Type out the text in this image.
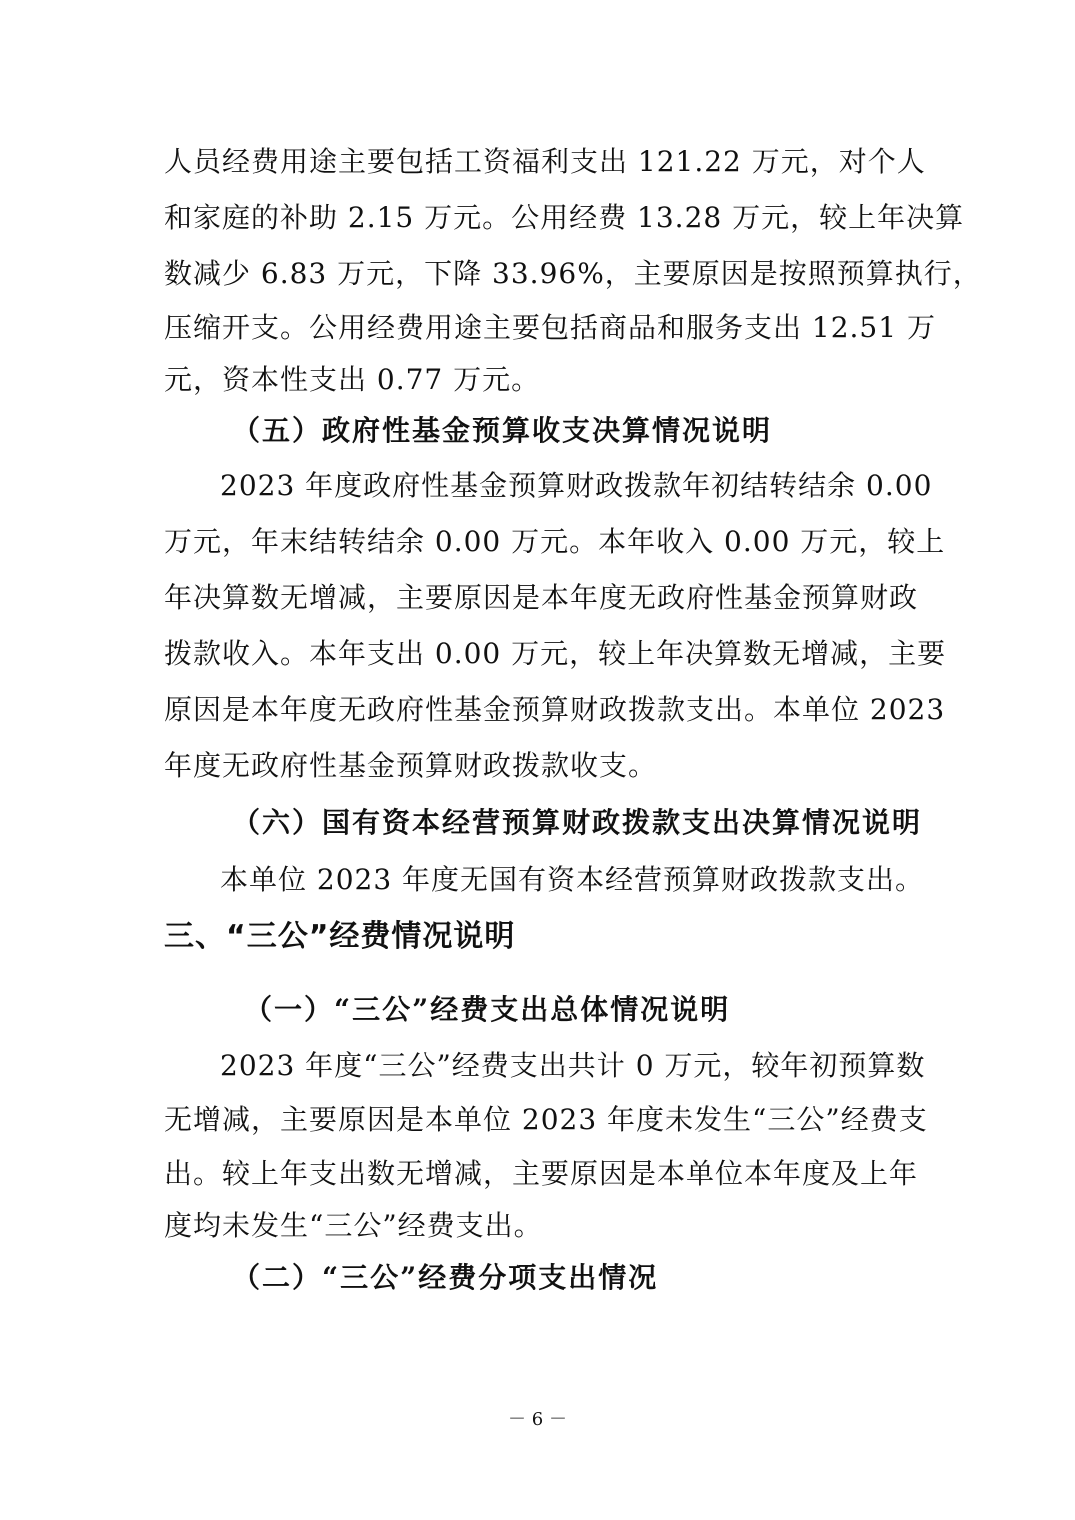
人员经费用途主要包括工资福利支出 121.22 万元，对个人
和家庭的补助 2.15 万元。公用经费 13.28 万元，较上年决算
数减少 6.83 万元，下降 33.96%，主要原因是按照预算执行，
压缩开支。公用经费用途主要包括商品和服务支出 12.51 万
元，资本性支出 0.77 万元。
（五）政府性基金预算收支决算情况说明
2023 年度政府性基金预算财政拨款年初结转结余 0.00
万元，年末结转结余 0.00 万元。本年收入 0.00 万元，较上
年决算数无增减，主要原因是本年度无政府性基金预算财政
拨款收入。本年支出 0.00 万元，较上年决算数无增减，主要
原因是本年度无政府性基金预算财政拨款支出。本单位 2023
年度无政府性基金预算财政拨款收支。
（六）国有资本经营预算财政拨款支出决算情况说明
本单位 2023 年度无国有资本经营预算财政拨款支出。
三、“三公”经费情况说明
（一）“三公”经费支出总体情况说明
2023 年度“三公”经费支出共计 0 万元，较年初预算数
无增减，主要原因是本单位 2023 年度未发生“三公”经费支
出。较上年支出数无增减，主要原因是本单位本年度及上年
度均未发生“三公”经费支出。
（二）“三公”经费分项支出情况
－ 6 －
